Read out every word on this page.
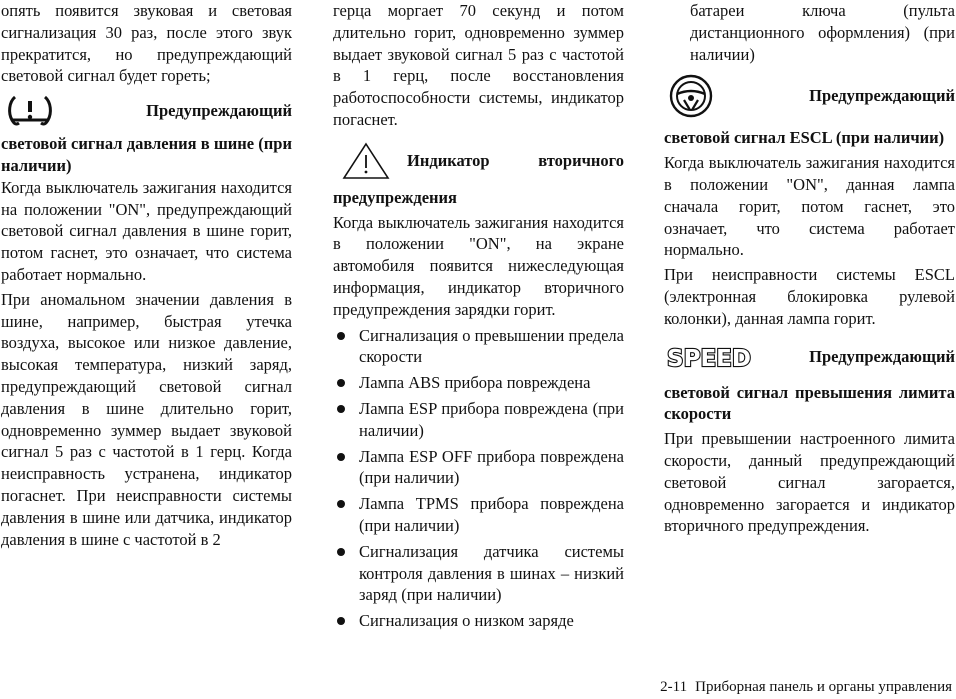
опять появится звуковая и световая сигнализация 30 раз, после этого звук прекратится, но предупреждающий световой сигнал будет гореть;

Предупреждающий

световой сигнал давления в шине (при наличии)

Когда выключатель зажигания находится на положении "ON", предупреждающий световой сигнал давления в шине горит, потом гаснет, это означает, что система работает нормально.

При аномальном значении давления в шине, например, быстрая утечка воздуха, высокое или низкое давление, высокая температура, низкий заряд, предупреждающий световой сигнал давления в шине длительно горит, одновременно зуммер выдает звуковой сигнал 5 раз с частотой в 1 герц. Когда неисправность устранена, индикатор погаснет. При неисправности системы давления в шине или датчика, индикатор давления в шине с частотой в 2

герца моргает 70 секунд и потом длительно горит, одновременно зуммер выдает звуковой сигнал 5 раз с частотой в 1 герц, после восстановления работоспособности системы, индикатор погаснет.

Индикатор вторичного

предупреждения

Когда выключатель зажигания находится в положении "ON", на экране автомобиля появится нижеследующая информация, индикатор вторичного предупреждения зарядки горит.

Сигнализация о превышении предела скорости
Лампа ABS прибора повреждена
Лампа ESP прибора повреждена (при наличии)
Лампа ESP OFF прибора повреждена (при наличии)
Лампа TPMS прибора повреждена (при наличии)
Сигнализация датчика системы контроля давления в шинах – низкий заряд (при наличии)
Сигнализация о низком заряде

батареи ключа (пульта дистанционного оформления) (при наличии)

Предупреждающий

световой сигнал ESCL (при наличии)

Когда выключатель зажигания находится в положении "ON", данная лампа сначала горит, потом гаснет, это означает, что система работает нормально.

При неисправности системы ESCL (электронная блокировка рулевой колонки), данная лампа горит.

SPEED	Предупреждающий

световой сигнал превышения лимита скорости

При превышении настроенного лимита скорости, данный предупреждающий световой сигнал загорается, одновременно загорается и индикатор вторичного предупреждения.

2-11 Приборная панель и органы управления
